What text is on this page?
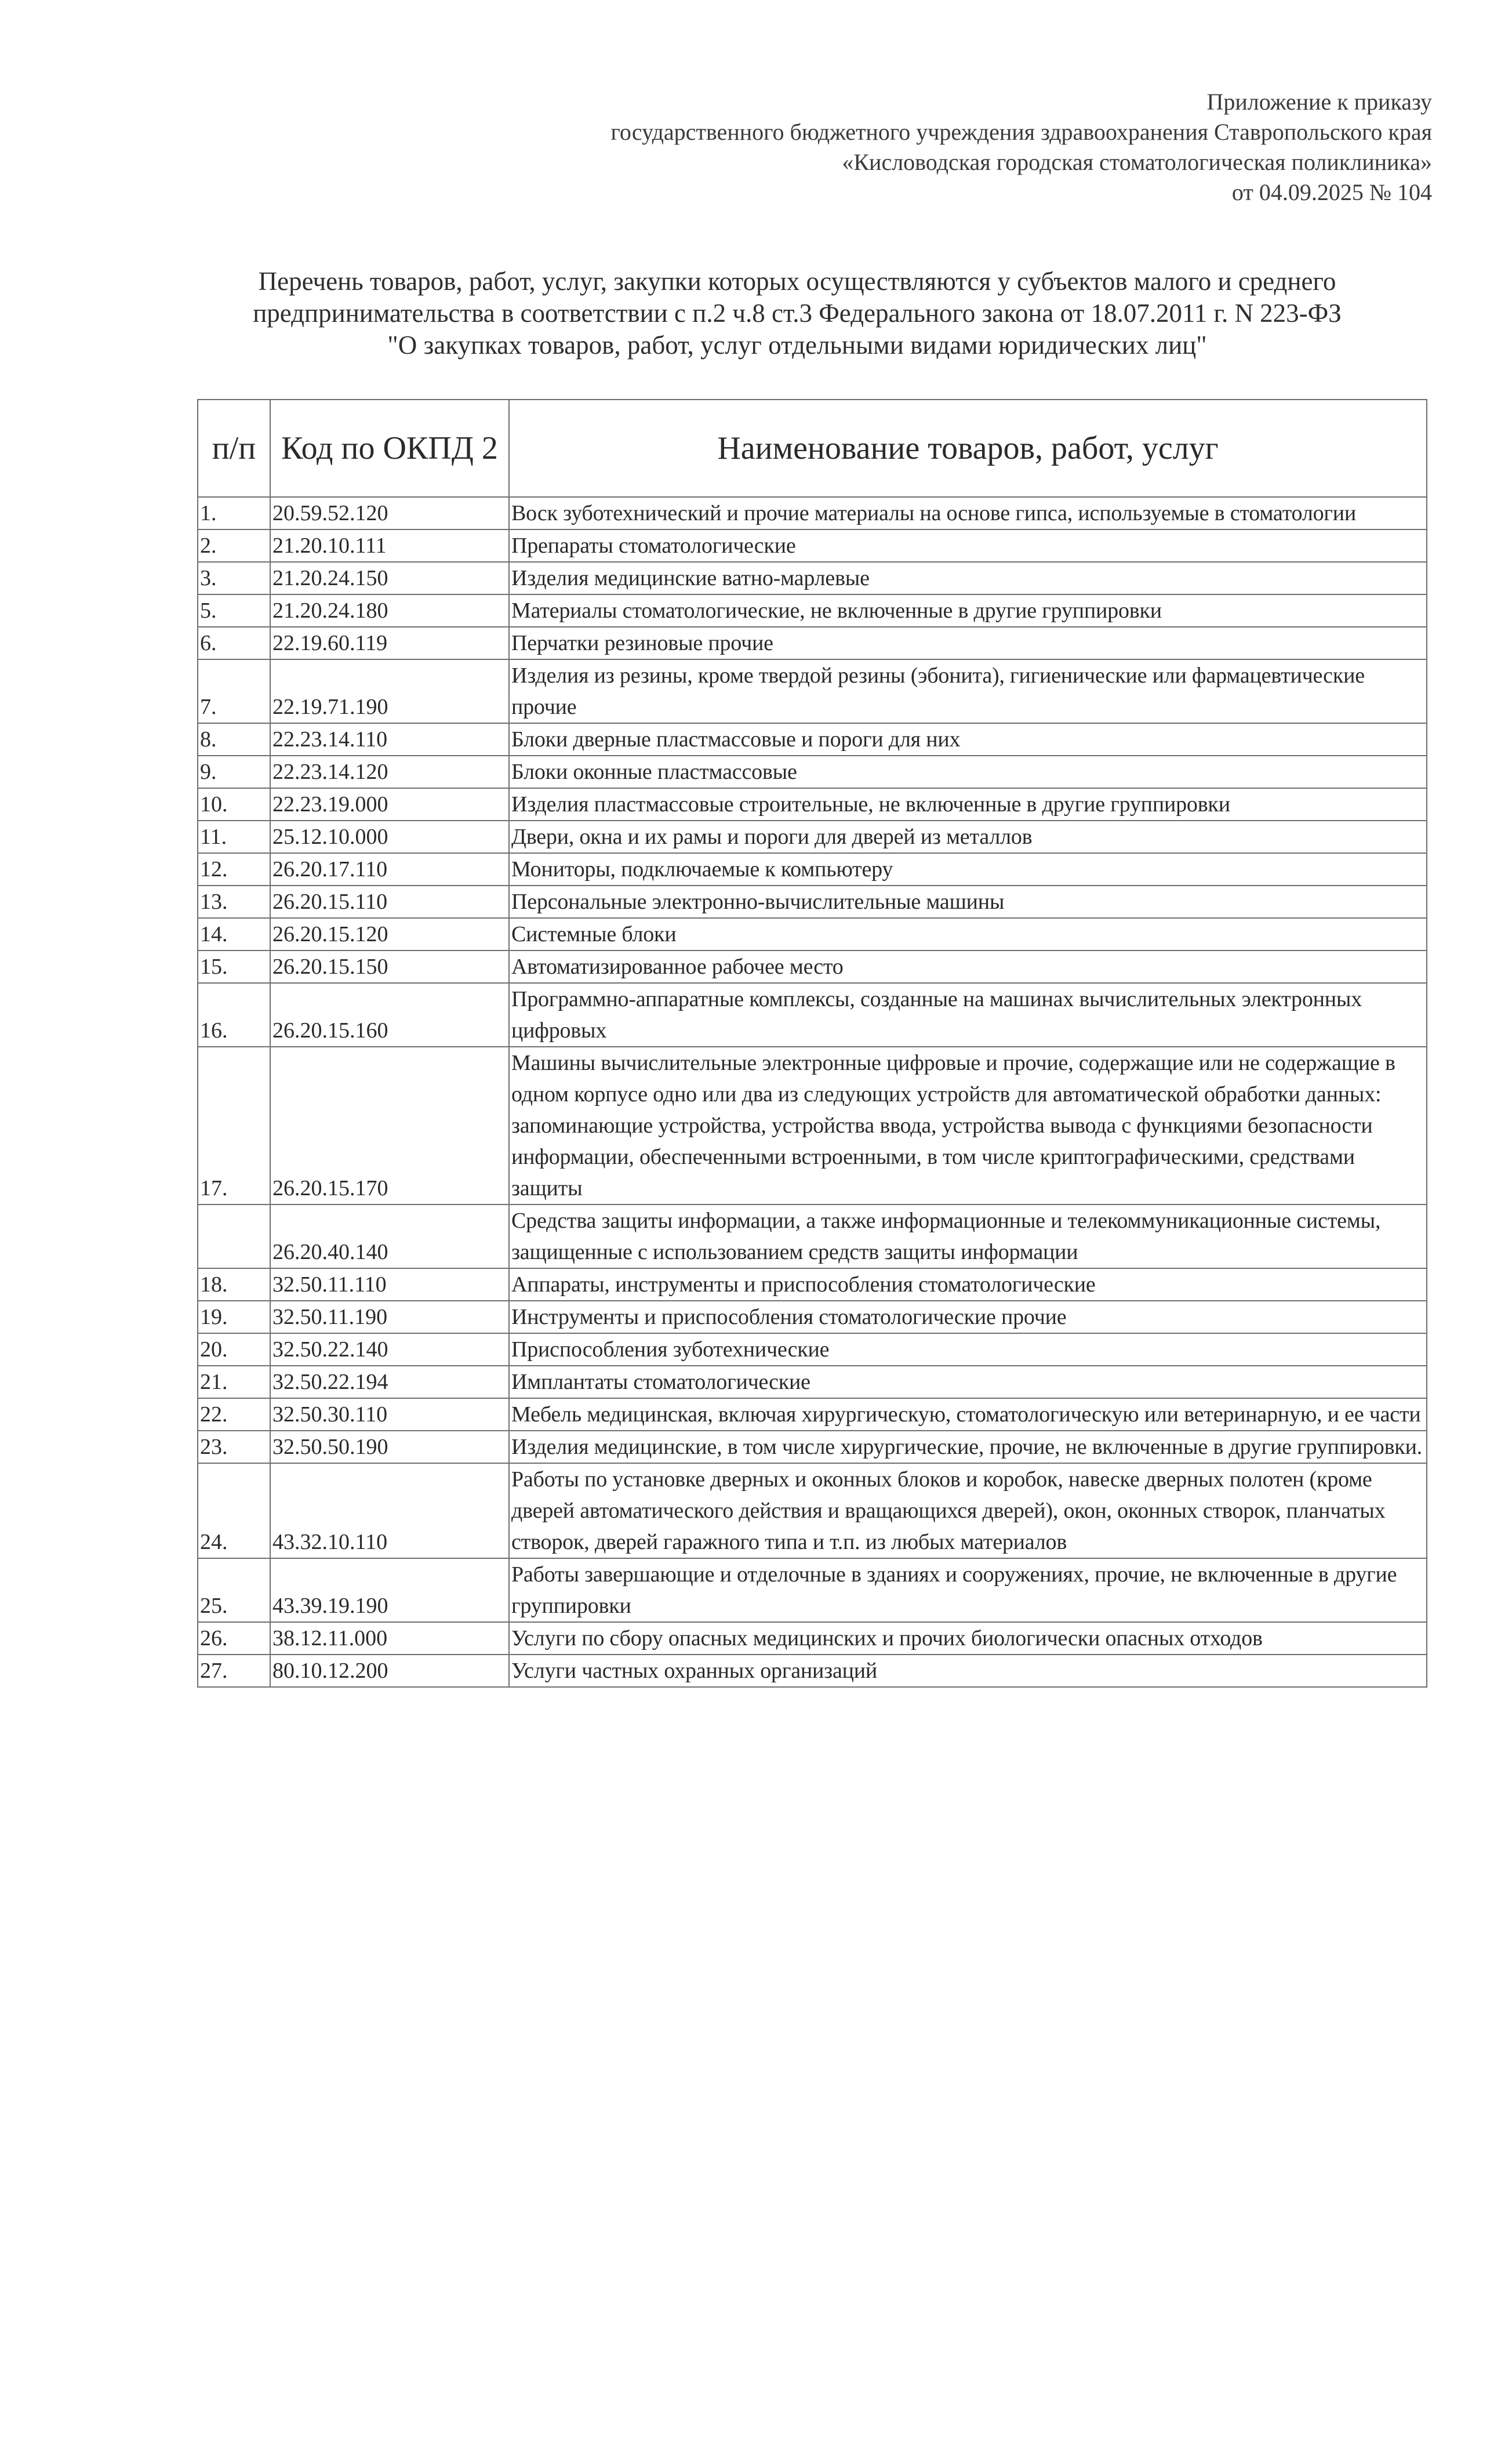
Приложение к приказу
государственного бюджетного учреждения здравоохранения Ставропольского края
«Кисловодская городская стоматологическая поликлиника»
от 04.09.2025 № 104
Перечень товаров, работ, услуг, закупки которых осуществляются у субъектов малого и среднего
предпринимательства в соответствии с п.2 ч.8 ст.3 Федерального закона от 18.07.2011 г. N 223-ФЗ
"О закупках товаров, работ, услуг отдельными видами юридических лиц"
п/п	Код по ОКПД 2	Наименование товаров, работ, услуг
1.	20.59.52.120	Воск зуботехнический и прочие материалы на основе гипса, используемые в стоматологии
2.	21.20.10.111	Препараты стоматологические
3.	21.20.24.150	Изделия медицинские ватно-марлевые
5.	21.20.24.180	Материалы стоматологические, не включенные в другие группировки
6.	22.19.60.119	Перчатки резиновые прочие
7.	22.19.71.190	Изделия из резины, кроме твердой резины (эбонита), гигиенические или фармацевтические прочие
8.	22.23.14.110	Блоки дверные пластмассовые и пороги для них
9.	22.23.14.120	Блоки оконные пластмассовые
10.	22.23.19.000	Изделия пластмассовые строительные, не включенные в другие группировки
11.	25.12.10.000	Двери, окна и их рамы и пороги для дверей из металлов
12.	26.20.17.110	Мониторы, подключаемые к компьютеру
13.	26.20.15.110	Персональные электронно-вычислительные машины
14.	26.20.15.120	Системные блоки
15.	26.20.15.150	Автоматизированное рабочее место
16.	26.20.15.160	Программно-аппаратные комплексы, созданные на машинах вычислительных электронных цифровых
17.	26.20.15.170	Машины вычислительные электронные цифровые и прочие, содержащие или не содержащие в одном корпусе одно или два из следующих устройств для автоматической обработки данных: запоминающие устройства, устройства ввода, устройства вывода с функциями безопасности информации, обеспеченными встроенными, в том числе криптографическими, средствами защиты
	26.20.40.140	Средства защиты информации, а также информационные и телекоммуникационные системы, защищенные с использованием средств защиты информации
18.	32.50.11.110	Аппараты, инструменты и приспособления стоматологические
19.	32.50.11.190	Инструменты и приспособления стоматологические прочие
20.	32.50.22.140	Приспособления зуботехнические
21.	32.50.22.194	Имплантаты стоматологические
22.	32.50.30.110	Мебель медицинская, включая хирургическую, стоматологическую или ветеринарную, и ее части
23.	32.50.50.190	Изделия медицинские, в том числе хирургические, прочие, не включенные в другие группировки.
24.	43.32.10.110	Работы по установке дверных и оконных блоков и коробок, навеске дверных полотен (кроме дверей автоматического действия и вращающихся дверей), окон, оконных створок, планчатых створок, дверей гаражного типа и т.п. из любых материалов
25.	43.39.19.190	Работы завершающие и отделочные в зданиях и сооружениях, прочие, не включенные в другие группировки
26.	38.12.11.000	Услуги по сбору опасных медицинских и прочих биологически опасных отходов
27.	80.10.12.200	Услуги частных охранных организаций
